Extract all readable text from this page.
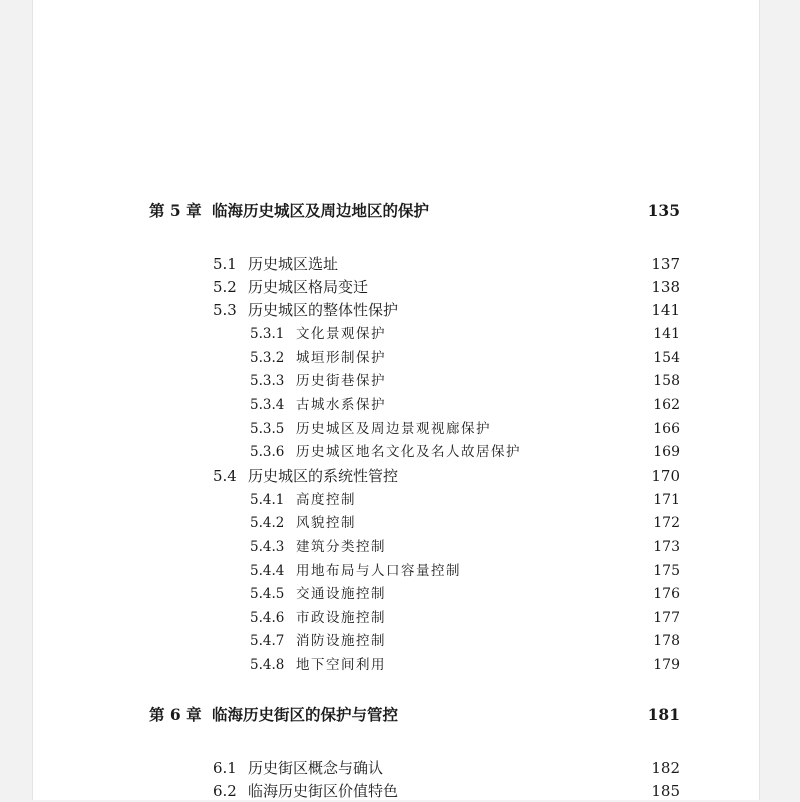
第 5 章 临海历史城区及周边地区的保护	135
5.1 历史城区选址	137
5.2 历史城区格局变迁	138
5.3 历史城区的整体性保护	141
5.3.1 文化景观保护	141
5.3.2 城垣形制保护	154
5.3.3 历史街巷保护	158
5.3.4 古城水系保护	162
5.3.5 历史城区及周边景观视廊保护	166
5.3.6 历史城区地名文化及名人故居保护	169
5.4 历史城区的系统性管控	170
5.4.1 高度控制	171
5.4.2 风貌控制	172
5.4.3 建筑分类控制	173
5.4.4 用地布局与人口容量控制	175
5.4.5 交通设施控制	176
5.4.6 市政设施控制	177
5.4.7 消防设施控制	178
5.4.8 地下空间利用	179
第 6 章 临海历史街区的保护与管控	181
6.1 历史街区概念与确认	182
6.2 临海历史街区价值特色	185
